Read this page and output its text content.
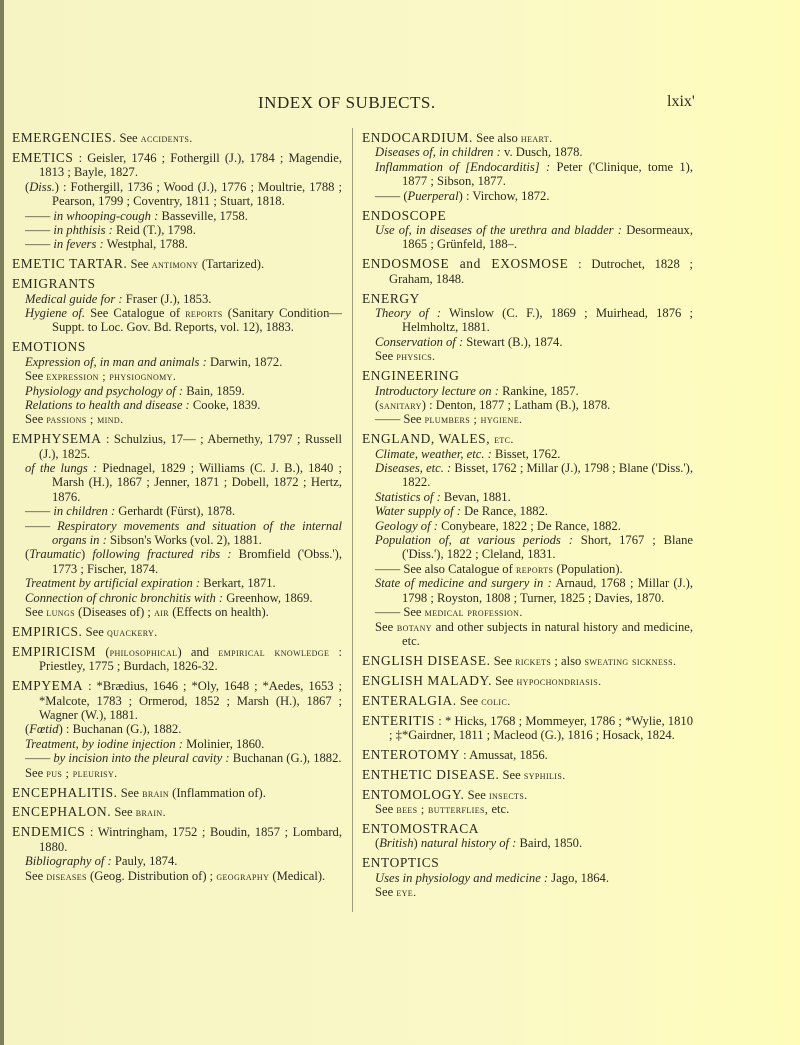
INDEX OF SUBJECTS.	lxix'
EMERGENCIES. See accidents.
EMETICS : Geisler, 1746 ; Fothergill (J.), 1784 ; Magendie, 1813 ; Bayle, 1827.
(Diss.) : Fothergill, 1736 ; Wood (J.), 1776 ; Moultrie, 1788 ; Pearson, 1799 ; Coventry, 1811 ; Stuart, 1818.
—— in whooping-cough : Basseville, 1758.
—— in phthisis : Reid (T.), 1798.
—— in fevers : Westphal, 1788.
EMETIC TARTAR. See antimony (Tartarized).
EMIGRANTS
Medical guide for : Fraser (J.), 1853.
Hygiene of. See Catalogue of reports (Sanitary Condition—Suppt. to Loc. Gov. Bd. Reports, vol. 12), 1883.
EMOTIONS
Expression of, in man and animals : Darwin, 1872.
See expression ; physiognomy.
Physiology and psychology of : Bain, 1859.
Relations to health and disease : Cooke, 1839.
See passions ; mind.
EMPHYSEMA : Schulzius, 17— ; Abernethy, 1797 ; Russell (J.), 1825.
of the lungs : Piednagel, 1829 ; Williams (C. J. B.), 1840 ; Marsh (H.), 1867 ; Jenner, 1871 ; Dobell, 1872 ; Hertz, 1876.
—— in children : Gerhardt (Fürst), 1878.
—— Respiratory movements and situation of the internal organs in : Sibson's Works (vol. 2), 1881.
(Traumatic) following fractured ribs : Bromfield ('Obss.'), 1773 ; Fischer, 1874.
Treatment by artificial expiration : Berkart, 1871.
Connection of chronic bronchitis with : Greenhow, 1869.
See lungs (Diseases of) ; air (Effects on health).
EMPIRICS. See quackery.
EMPIRICISM (philosophical) and empirical knowledge : Priestley, 1775 ; Burdach, 1826-32.
EMPYEMA : *Brædius, 1646 ; *Oly, 1648 ; *Aedes, 1653 ; *Malcote, 1783 ; Ormerod, 1852 ; Marsh (H.), 1867 ; Wagner (W.), 1881.
(Fœtid) : Buchanan (G.), 1882.
Treatment, by iodine injection : Molinier, 1860.
—— by incision into the pleural cavity : Buchanan (G.), 1882.
See pus ; pleurisy.
ENCEPHALITIS. See brain (Inflammation of).
ENCEPHALON. See brain.
ENDEMICS : Wintringham, 1752 ; Boudin, 1857 ; Lombard, 1880.
Bibliography of : Pauly, 1874.
See diseases (Geog. Distribution of) ; geography (Medical).
ENDOCARDIUM. See also heart.
Diseases of, in children : v. Dusch, 1878.
Inflammation of [Endocarditis] : Peter ('Clinique, tome 1), 1877 ; Sibson, 1877.
—— (Puerperal) : Virchow, 1872.
ENDOSCOPE
Use of, in diseases of the urethra and bladder : Desormeaux, 1865 ; Grünfeld, 188–.
ENDOSMOSE and EXOSMOSE : Dutrochet, 1828 ; Graham, 1848.
ENERGY
Theory of : Winslow (C. F.), 1869 ; Muirhead, 1876 ; Helmholtz, 1881.
Conservation of : Stewart (B.), 1874.
See physics.
ENGINEERING
Introductory lecture on : Rankine, 1857.
(sanitary) : Denton, 1877 ; Latham (B.), 1878.
—— See plumbers ; hygiene.
ENGLAND, WALES, etc.
Climate, weather, etc. : Bisset, 1762.
Diseases, etc. : Bisset, 1762 ; Millar (J.), 1798 ; Blane ('Diss.'), 1822.
Statistics of : Bevan, 1881.
Water supply of : De Rance, 1882.
Geology of : Conybeare, 1822 ; De Rance, 1882.
Population of, at various periods : Short, 1767 ; Blane ('Diss.'), 1822 ; Cleland, 1831.
—— See also Catalogue of reports (Population).
State of medicine and surgery in : Arnaud, 1768 ; Millar (J.), 1798 ; Royston, 1808 ; Turner, 1825 ; Davies, 1870.
—— See medical profession.
See botany and other subjects in natural history and medicine, etc.
ENGLISH DISEASE. See rickets ; also sweating sickness.
ENGLISH MALADY. See hypochondriasis.
ENTERALGIA. See colic.
ENTERITIS : * Hicks, 1768 ; Mommeyer, 1786 ; *Wylie, 1810 ; ‡*Gairdner, 1811 ; Macleod (G.), 1816 ; Hosack, 1824.
ENTEROTOMY : Amussat, 1856.
ENTHETIC DISEASE. See syphilis.
ENTOMOLOGY. See insects.
See bees ; butterflies, etc.
ENTOMOSTRACA
(British) natural history of : Baird, 1850.
ENTOPTICS
Uses in physiology and medicine : Jago, 1864.
See eye.
